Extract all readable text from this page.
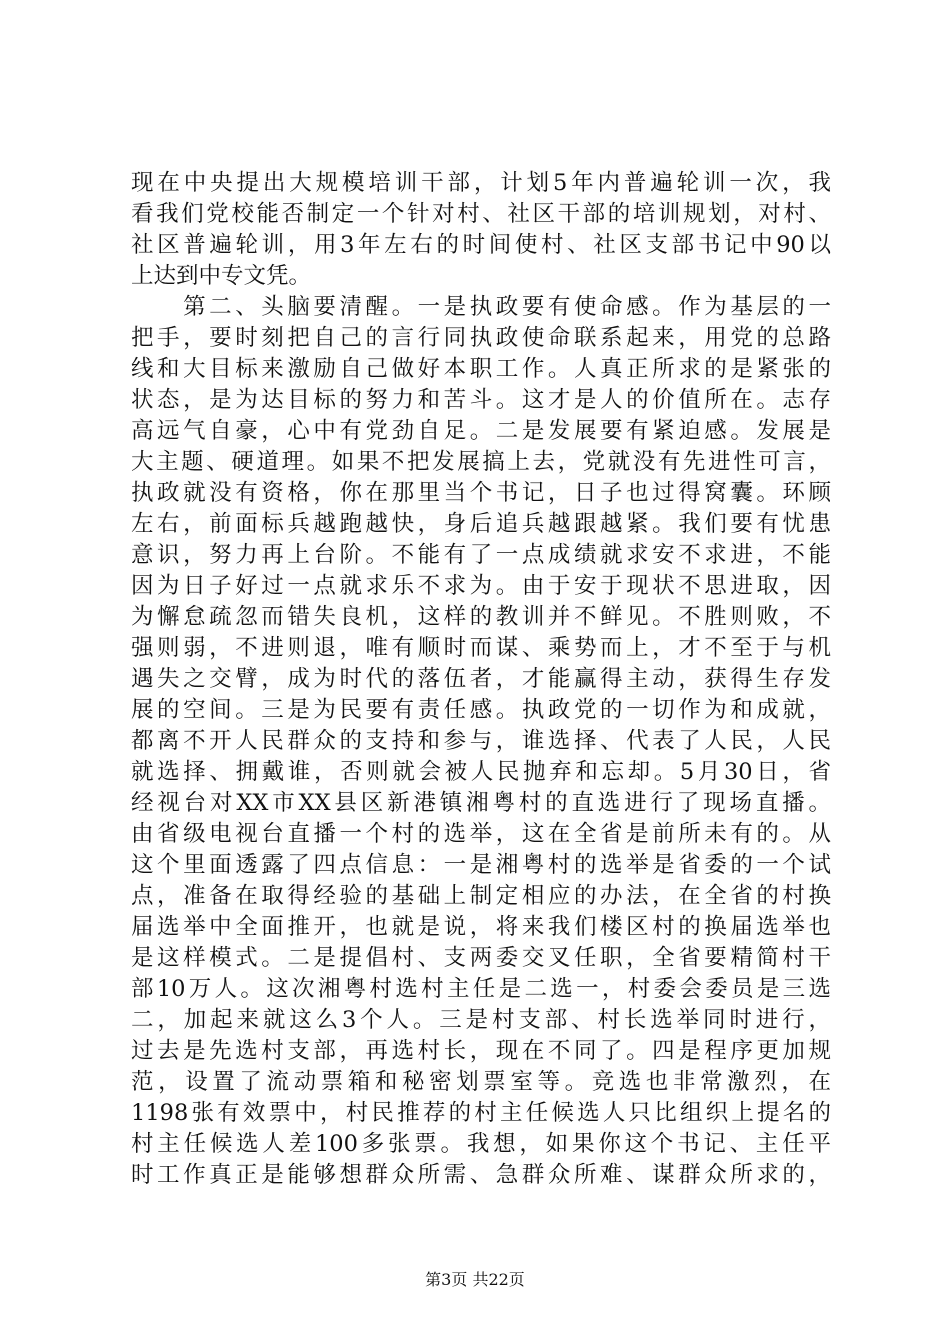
现在中央提出大规模培训干部，计划5年内普遍轮训一次，我
看我们党校能否制定一个针对村、社区干部的培训规划，对村、
社区普遍轮训，用3年左右的时间使村、社区支部书记中90以
上达到中专文凭。
　　第二、头脑要清醒。一是执政要有使命感。作为基层的一
把手，要时刻把自己的言行同执政使命联系起来，用党的总路
线和大目标来激励自己做好本职工作。人真正所求的是紧张的
状态，是为达目标的努力和苦斗。这才是人的价值所在。志存
高远气自豪，心中有党劲自足。二是发展要有紧迫感。发展是
大主题、硬道理。如果不把发展搞上去，党就没有先进性可言，
执政就没有资格，你在那里当个书记，日子也过得窝囊。环顾
左右，前面标兵越跑越快，身后追兵越跟越紧。我们要有忧患
意识，努力再上台阶。不能有了一点成绩就求安不求进，不能
因为日子好过一点就求乐不求为。由于安于现状不思进取，因
为懈怠疏忽而错失良机，这样的教训并不鲜见。不胜则败，不
强则弱，不进则退，唯有顺时而谋、乘势而上，才不至于与机
遇失之交臂，成为时代的落伍者，才能赢得主动，获得生存发
展的空间。三是为民要有责任感。执政党的一切作为和成就，
都离不开人民群众的支持和参与，谁选择、代表了人民，人民
就选择、拥戴谁，否则就会被人民抛弃和忘却。5月30日，省
经视台对XX市XX县区新港镇湘粤村的直选进行了现场直播。
由省级电视台直播一个村的选举，这在全省是前所未有的。从
这个里面透露了四点信息：一是湘粤村的选举是省委的一个试
点，准备在取得经验的基础上制定相应的办法，在全省的村换
届选举中全面推开，也就是说，将来我们楼区村的换届选举也
是这样模式。二是提倡村、支两委交叉任职，全省要精简村干
部10万人。这次湘粤村选村主任是二选一，村委会委员是三选
二，加起来就这么3个人。三是村支部、村长选举同时进行，
过去是先选村支部，再选村长，现在不同了。四是程序更加规
范，设置了流动票箱和秘密划票室等。竞选也非常激烈，在
1198张有效票中，村民推荐的村主任候选人只比组织上提名的
村主任候选人差100多张票。我想，如果你这个书记、主任平
时工作真正是能够想群众所需、急群众所难、谋群众所求的，
第3页 共22页
